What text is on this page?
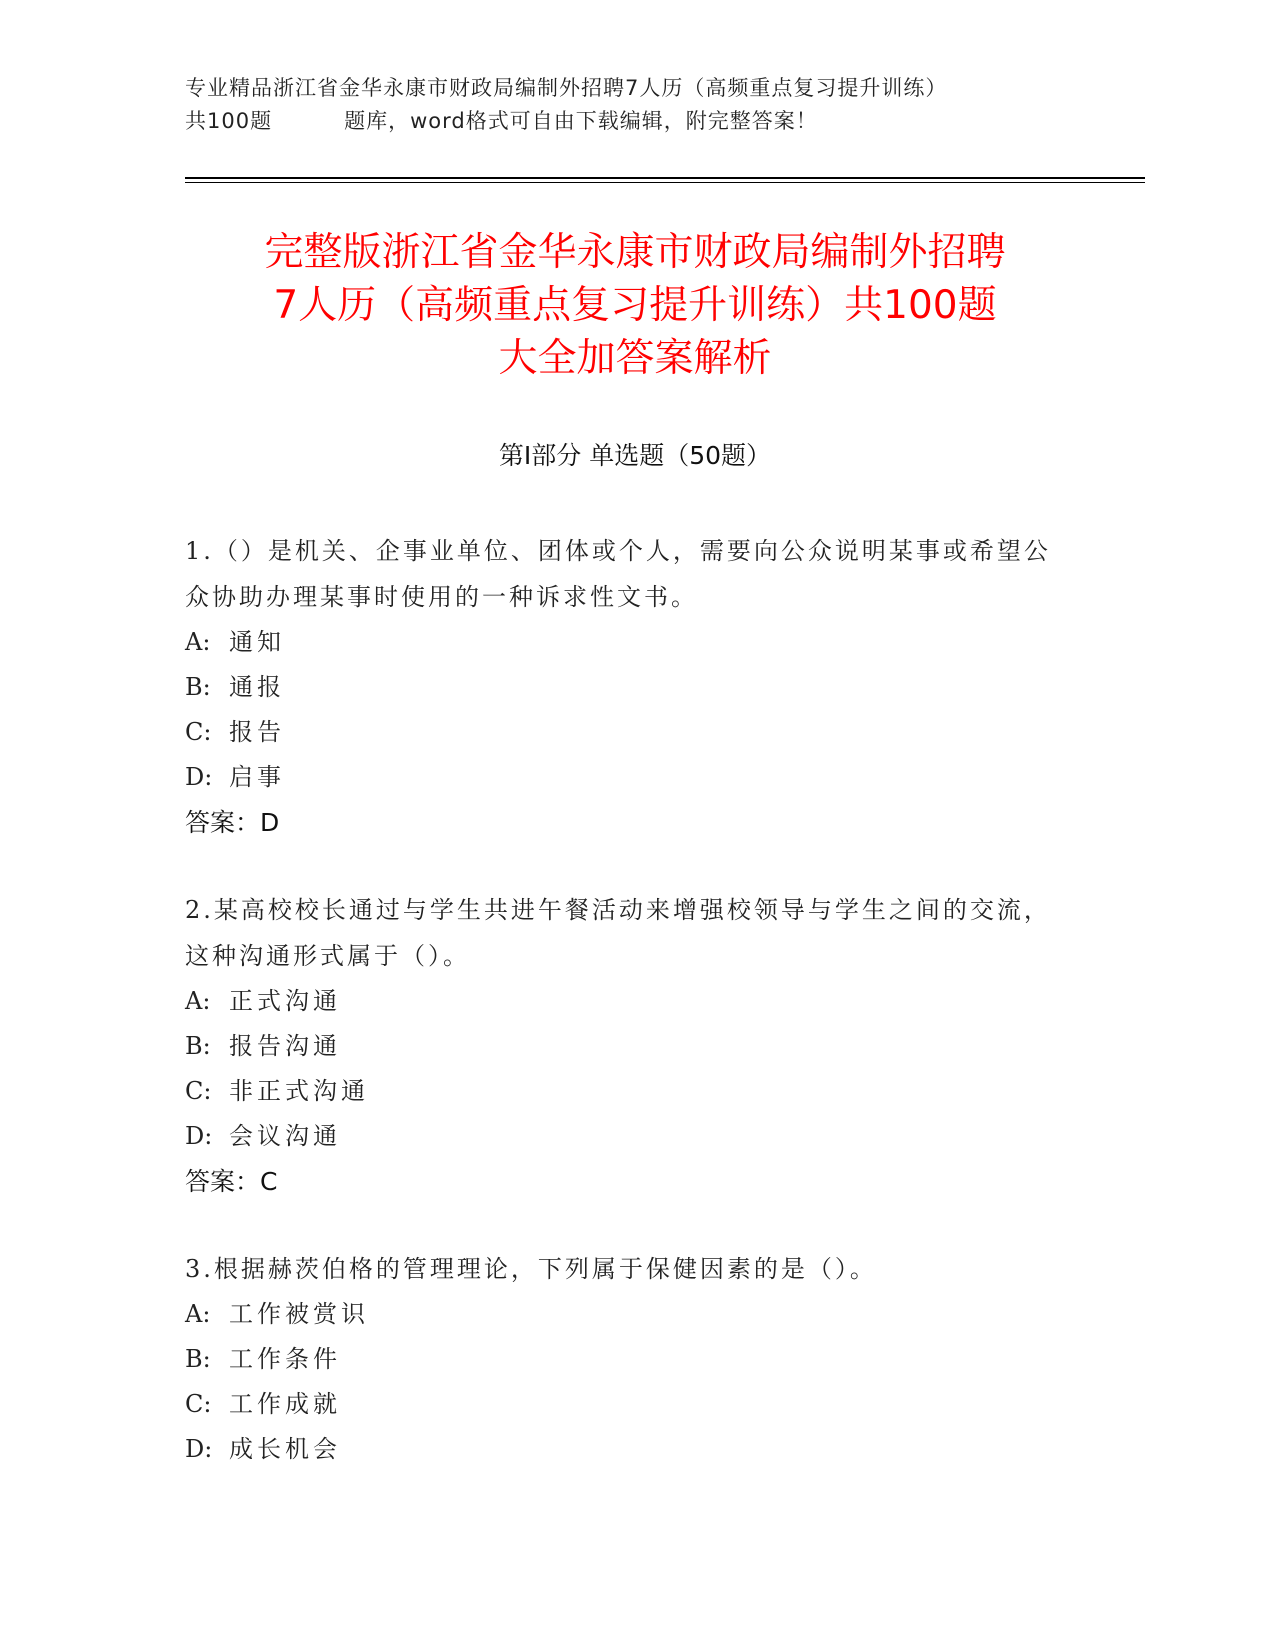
专业精品浙江省金华永康市财政局编制外招聘7人历（高频重点复习提升训练）
共100题	题库，word格式可自由下载编辑，附完整答案！
完整版浙江省金华永康市财政局编制外招聘
7人历（高频重点复习提升训练）共100题
大全加答案解析
第Ⅰ部分 单选题（50题）
1.（）是机关、企事业单位、团体或个人，需要向公众说明某事或希望公众协助办理某事时使用的一种诉求性文书。
A: 通知
B: 通报
C: 报告
D: 启事
答案：D
2.某高校校长通过与学生共进午餐活动来增强校领导与学生之间的交流，这种沟通形式属于（）。
A: 正式沟通
B: 报告沟通
C: 非正式沟通
D: 会议沟通
答案：C
3.根据赫茨伯格的管理理论，下列属于保健因素的是（）。
A: 工作被赏识
B: 工作条件
C: 工作成就
D: 成长机会
